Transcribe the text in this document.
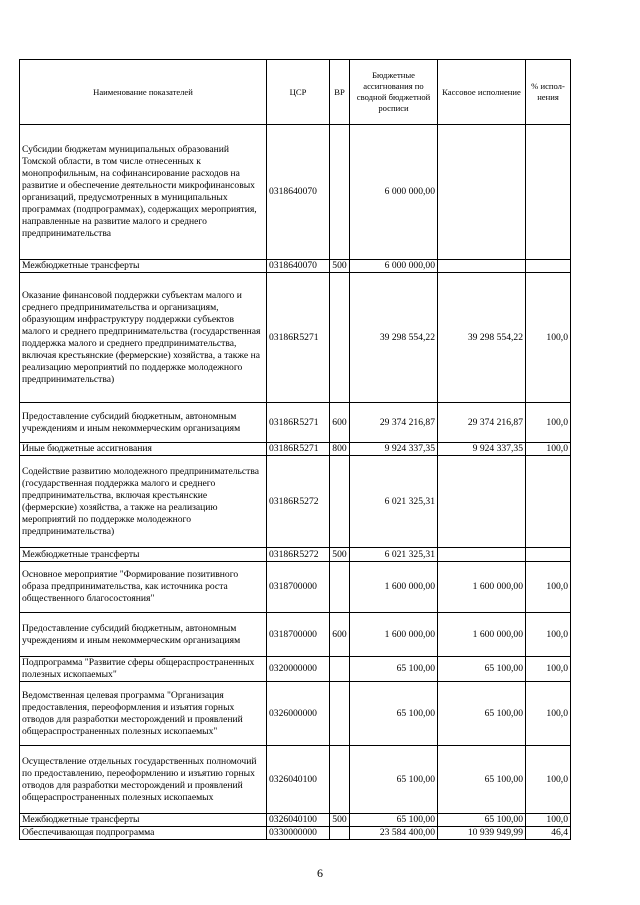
Наименование показателей	ЦСР	ВР	Бюджетные ассигнования по сводной бюджетной росписи	Кассовое исполнение	% испол-нения
Субсидии бюджетам муниципальных образований Томской области, в том числе отнесенных к монопрофильным, на софинансирование расходов на развитие и обеспечение деятельности микрофинансовых организаций, предусмотренных в муниципальных программах (подпрограммах), содержащих мероприятия, направленные на развитие малого и среднего предпринимательства	0318640070		6 000 000,00		
Межбюджетные трансферты	0318640070	500	6 000 000,00		
Оказание финансовой поддержки субъектам малого и среднего предпринимательства и организациям, образующим инфраструктуру поддержки субъектов малого и среднего предпринимательства (государственная поддержка малого и среднего предпринимательства, включая крестьянские (фермерские) хозяйства, а также на реализацию мероприятий по поддержке молодежного предпринимательства)	03186R5271		39 298 554,22	39 298 554,22	100,0
Предоставление субсидий бюджетным, автономным учреждениям и иным некоммерческим организациям	03186R5271	600	29 374 216,87	29 374 216,87	100,0
Иные бюджетные ассигнования	03186R5271	800	9 924 337,35	9 924 337,35	100,0
Содействие развитию молодежного предпринимательства (государственная поддержка малого и среднего предпринимательства, включая крестьянские (фермерские) хозяйства, а также на реализацию мероприятий по поддержке молодежного предпринимательства)	03186R5272		6 021 325,31		
Межбюджетные трансферты	03186R5272	500	6 021 325,31		
Основное мероприятие "Формирование позитивного образа предпринимательства, как источника роста общественного благосостояния"	0318700000		1 600 000,00	1 600 000,00	100,0
Предоставление субсидий бюджетным, автономным учреждениям и иным некоммерческим организациям	0318700000	600	1 600 000,00	1 600 000,00	100,0
Подпрограмма "Развитие сферы общераспространенных полезных ископаемых"	0320000000		65 100,00	65 100,00	100,0
Ведомственная целевая программа "Организация предоставления, переоформления и изъятия горных отводов для разработки месторождений и проявлений общераспространенных полезных ископаемых"	0326000000		65 100,00	65 100,00	100,0
Осуществление отдельных государственных полномочий по предоставлению, переоформлению и изъятию горных отводов для разработки месторождений и проявлений общераспространенных полезных ископаемых	0326040100		65 100,00	65 100,00	100,0
Межбюджетные трансферты	0326040100	500	65 100,00	65 100,00	100,0
Обеспечивающая подпрограмма	0330000000		23 584 400,00	10 939 949,99	46,4
6
